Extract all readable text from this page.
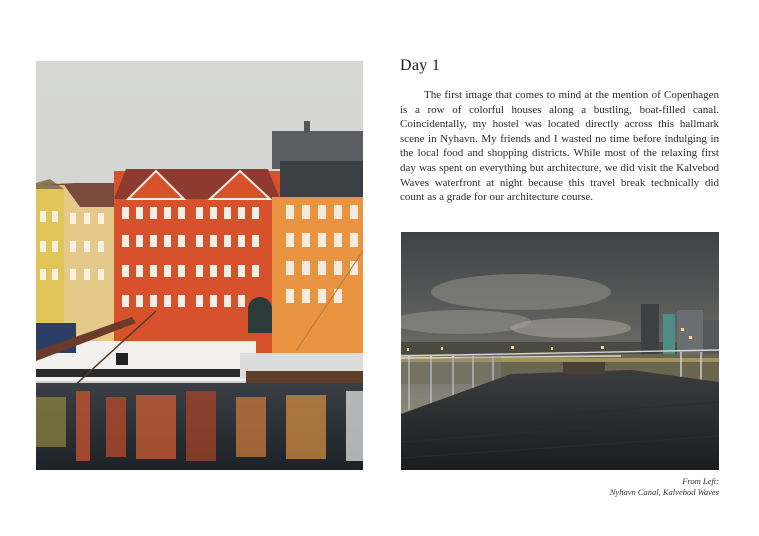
Day 1

The first image that comes to mind at the mention of Copenhagen is a row of colorful houses along a bustling, boat-filled canal. Coincidentally, my hostel was located directly across this hallmark scene in Nyhavn. My friends and I wasted no time before indulging in the local food and shopping districts. While most of the relaxing first day was spent on everything but architecture, we did visit the Kalvebod Waves waterfront at night because this travel break technically did count as a grade for our architecture course.

From Left:
Nyhavn Canal, Kalvebod Waves
